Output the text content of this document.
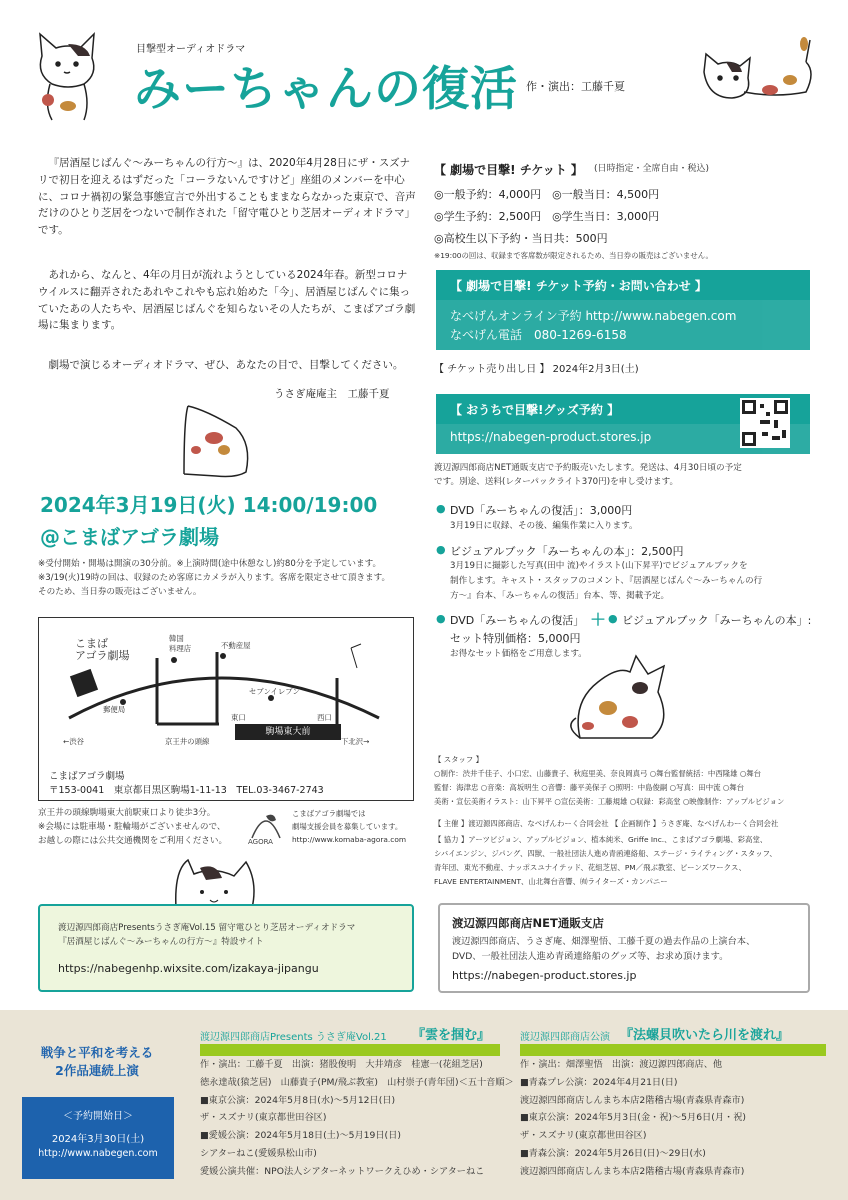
目撃型オーディオドラマ
みーちゃんの復活 作・演出：工藤千夏
『居酒屋じばんぐ〜みーちゃんの行方〜』は、2020年4月28日にザ・スズナリで初日を迎えるはずだった「コーラないんですけど」座組のメンバーを中心に、コロナ禍初の緊急事態宣言で外出することもままならなかった東京で、音声だけのひとり芝居をつないで制作された「留守電ひとり芝居オーディオドラマ」です。
あれから、なんと、4年の月日が流れようとしている2024年春。新型コロナウイルスに翻弄されたあれやこれやも忘れ始めた「今」、居酒屋じばんぐに集っていたあの人たちや、居酒屋じばんぐを知らないその人たちが、こまばアゴラ劇場に集まります。
劇場で演じるオーディオドラマ、ぜひ、あなたの目で、目撃してください。
うさぎ庵庵主　工藤千夏
2024年3月19日(火) 14:00/19:00
@こまばアゴラ劇場
※受付開始・開場は開演の30分前。※上演時間(途中休憩なし)約80分を予定しています。
※3/19(火)19時の回は、収録のため客席にカメラが入ります。客席を限定させて頂きます。
そのため、当日券の販売はございません。
こまば
アゴラ劇場
韓国
料理店	不動産屋
郵便局
セブンイレブン
東口	西口
駒場東大前
←渋谷	京王井の頭線	下北沢→
こまばアゴラ劇場
〒153-0041　東京都目黒区駒場1-11-13　TEL.03-3467-2743
京王井の頭線駒場東大前駅東口より徒歩3分。
※会場には駐車場・駐輪場がございませんので、
お越しの際には公共交通機関をご利用ください。	AGORA
こまばアゴラ劇場では
劇場支援会員を募集しています。
http://www.komaba-agora.com
渡辺源四郎商店Presentsうさぎ庵Vol.15 留守電ひとり芝居オーディオドラマ
『居酒屋じばんぐ〜みーちゃんの行方〜』特設サイト
https://nabegenhp.wixsite.com/izakaya-jipangu
【 劇場で目撃! チケット 】 (日時指定・全席自由・税込)
◎一般予約：4,000円　◎一般当日：4,500円
◎学生予約：2,500円　◎学生当日：3,000円
◎高校生以下予約・当日共：500円
※19:00の回は、収録まで客席数が限定されるため、当日券の販売はございません。
【 劇場で目撃! チケット予約・お問い合わせ 】
なべげんオンライン予約 http://www.nabegen.com
なべげん電話　080-1269-6158
【 チケット売り出し日 】 2024年2月3日(土)
【 おうちで目撃!グッズ予約 】
https://nabegen-product.stores.jp
渡辺源四郎商店NET通販支店で予約販売いたします。発送は、4月30日頃の予定
です。別途、送料(レターパックライト370円)を申し受けます。
● DVD「みーちゃんの復活」：3,000円
3月19日に収録、その後、編集作業に入ります。
● ビジュアルブック「みーちゃんの本」：2,500円
3月19日に撮影した写真(田中 流)やイラスト(山下昇平)でビジュアルブックを
制作します。キャスト・スタッフのコメント、『居酒屋じばんぐ〜みーちゃんの行
方〜』台本、「みーちゃんの復活」台本、等、掲載予定。
● DVD「みーちゃんの復活」 ＋ ● ビジュアルブック「みーちゃんの本」:
セット特別価格：5,000円
お得なセット価格をご用意します。
【 スタッフ 】
○制作：渋井千佳子、小口宏、山藤貴子、秋庭里美、奈良岡真弓 ○舞台監督統括：中西隆雄 ○舞台
監督：海津忠 ○音楽：高坂明生 ○音響：藤平美保子 ○照明：中島俊嗣 ○写真：田中流 ○舞台
美術・宣伝美術イラスト：山下昇平 ○宣伝美術：工藤規雄 ○収録：彩高堂 ○映像制作：アップルビジョン
【 主催 】渡辺源四郎商店、なべげんわーく合同会社 【 企画制作 】うさぎ庵、なべげんわーく合同会社
【 協力 】アーツビジョン、アップルビジョン、植本純米、Griffe Inc.、こまばアゴラ劇場、彩高堂、
シバイエンジン、ジパング、四獣、一般社団法人進め青函連絡船、ステージ・ライティング・スタッフ、
青年団、東光不動産、ナッポスユナイテッド、花組芝居、PM／飛ぶ教室、ビーンズワークス、
FLAVE ENTERTAINMENT、山北舞台音響、㈲ライターズ・カンパニー
渡辺源四郎商店NET通販支店
渡辺源四郎商店、うさぎ庵、畑澤聖悟、工藤千夏の過去作品の上演台本、
DVD、一般社団法人進め青函連絡船のグッズ等、お求め頂けます。
https://nabegen-product.stores.jp
戦争と平和を考える
2作品連続上演
＜予約開始日＞
2024年3月30日(土)
http://www.nabegen.com
渡辺源四郎商店Presents うさぎ庵Vol.21 『雲を掴む』
作・演出：工藤千夏　出演：猪股俊明　大井靖彦　桂憲一(花組芝居)
徳永達哉(猿芝居)　山藤貴子(PM/飛ぶ教室)　山村崇子(青年団)＜五十音順＞
■東京公演：2024年5月8日(水)〜5月12日(日)
ザ・スズナリ(東京都世田谷区)
■愛媛公演：2024年5月18日(土)〜5月19日(日)
シアターねこ(愛媛県松山市)
愛媛公演共催：NPO法人シアターネットワークえひめ・シアターねこ
渡辺源四郎商店公演 『法螺貝吹いたら川を渡れ』
作・演出：畑澤聖悟　出演：渡辺源四郎商店、他
■青森プレ公演：2024年4月21日(日)
渡辺源四郎商店しんまち本店2階稽古場(青森県青森市)
■東京公演：2024年5月3日(金・祝)〜5月6日(月・祝)
ザ・スズナリ(東京都世田谷区)
■青森公演：2024年5月26日(日)〜29日(水)
渡辺源四郎商店しんまち本店2階稽古場(青森県青森市)
